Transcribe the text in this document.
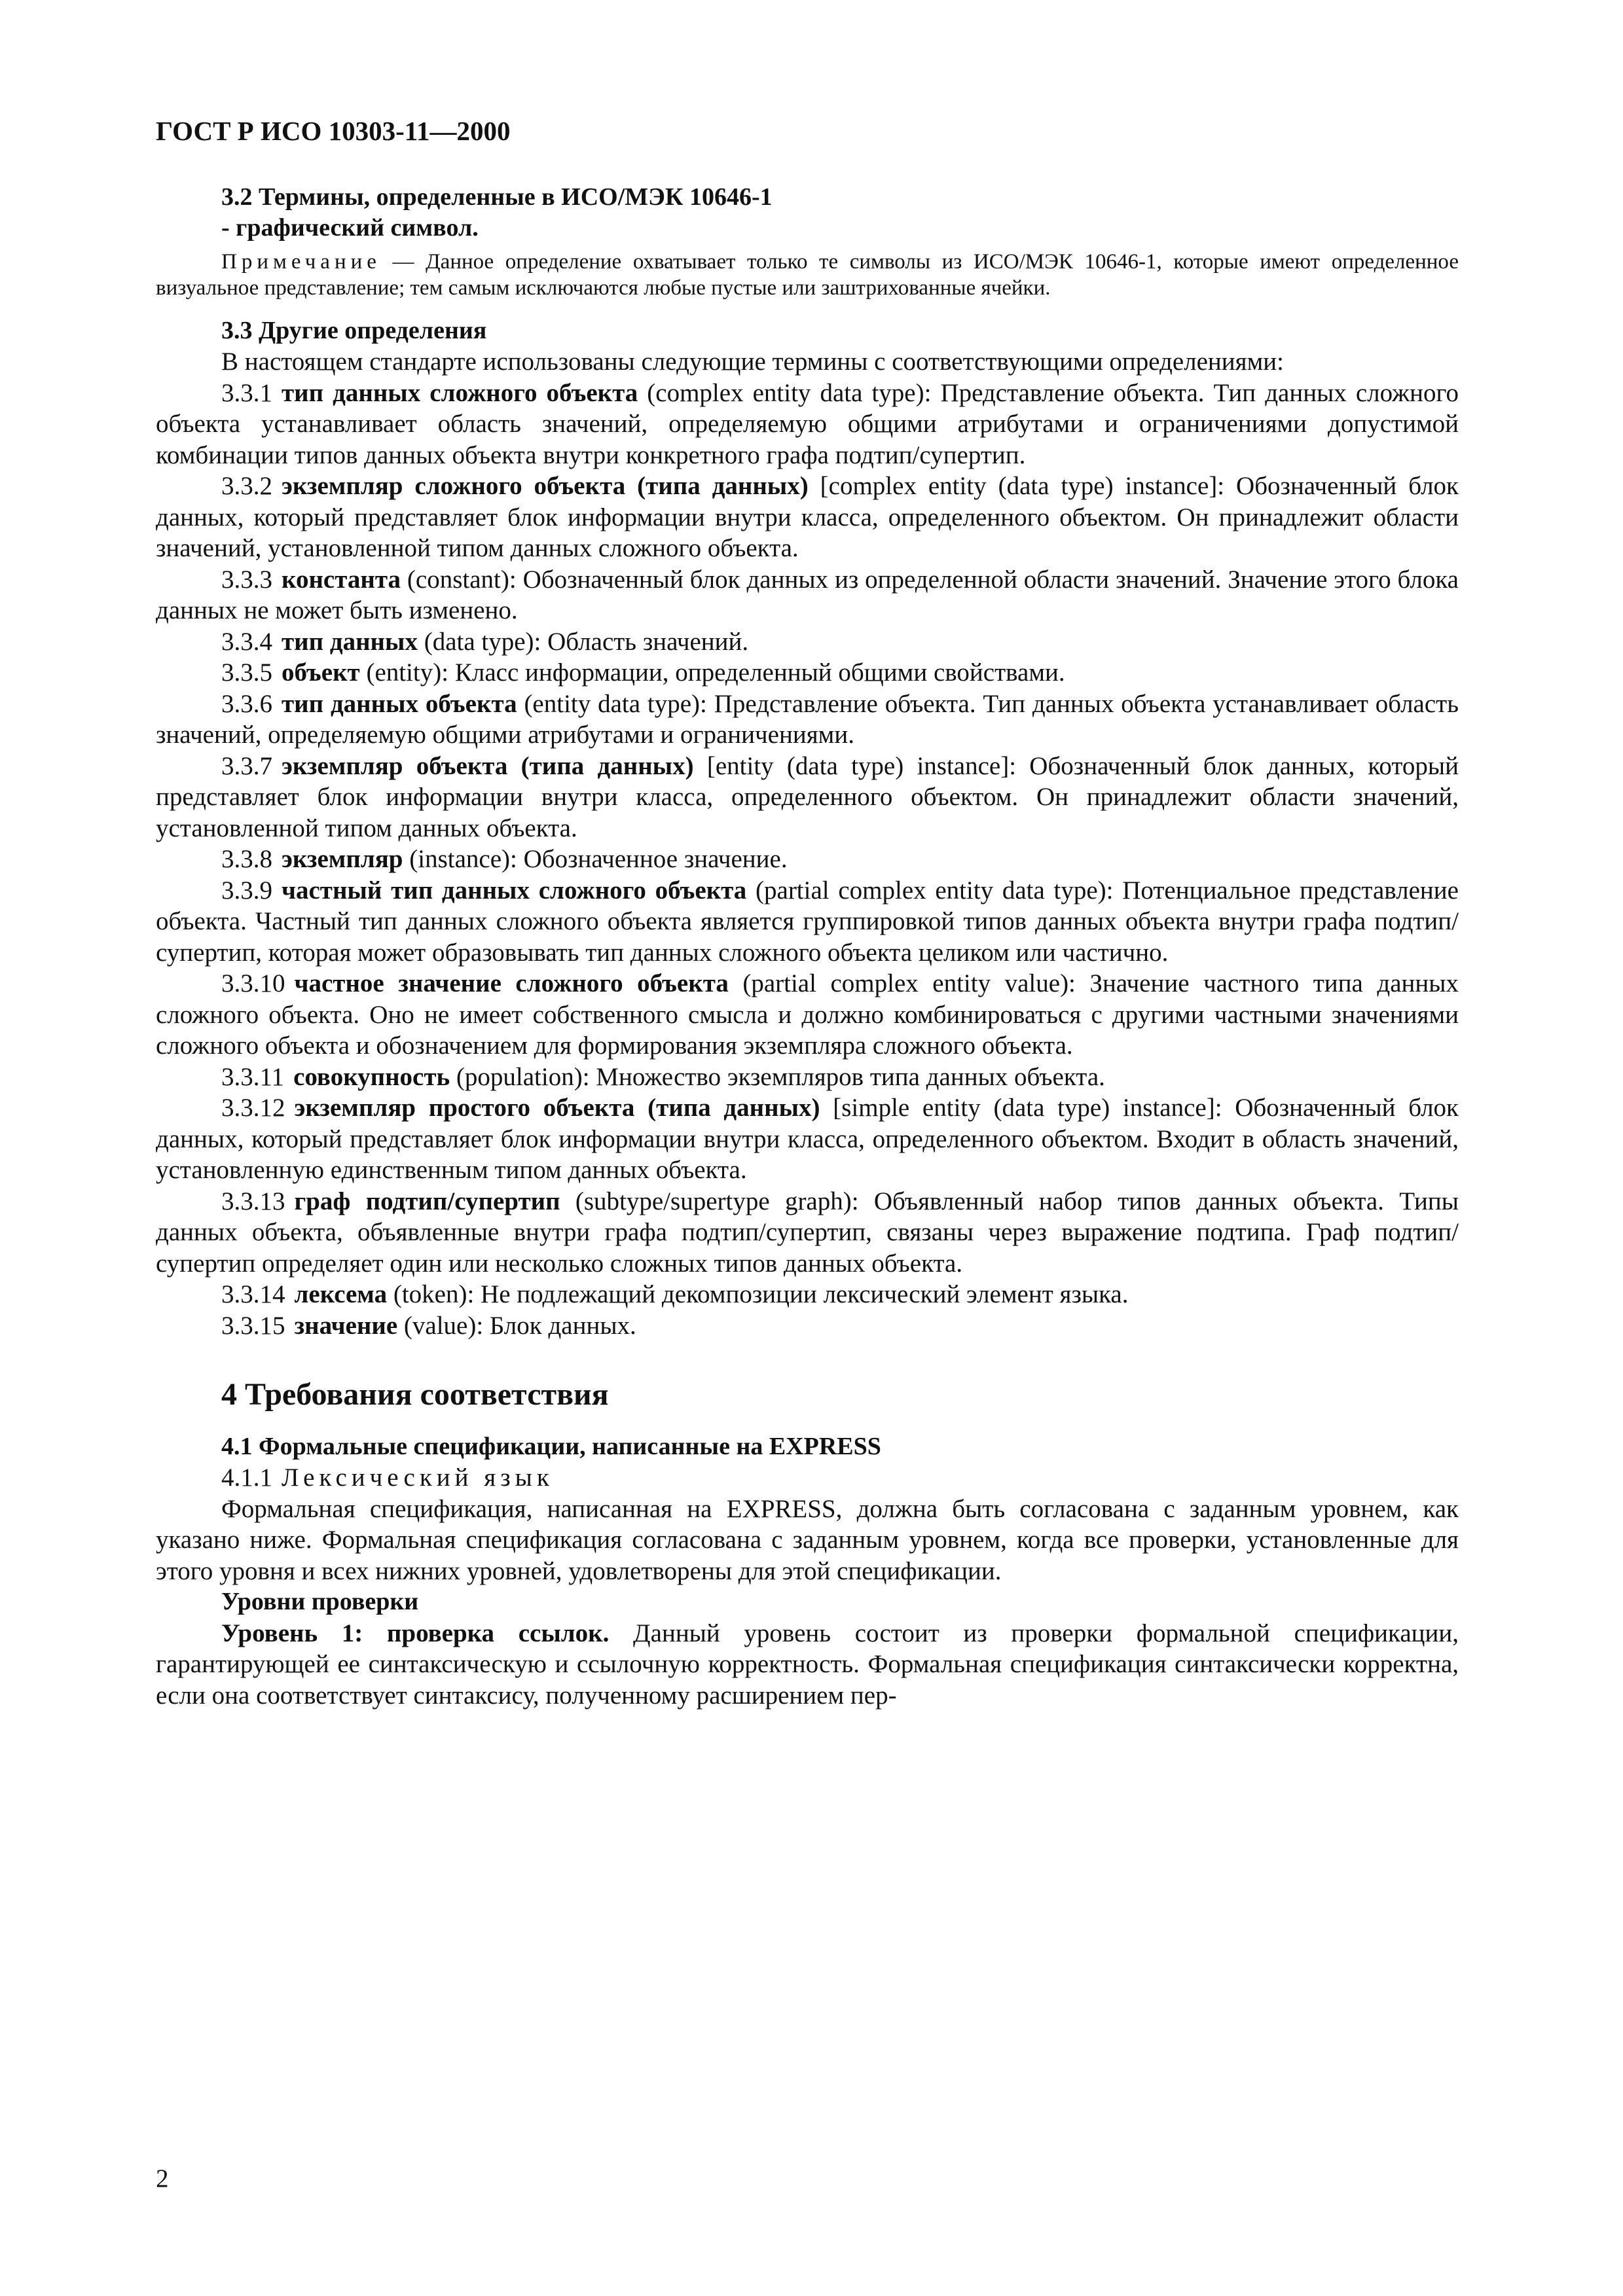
ГОСТ Р ИСО 10303-11—2000
3.2 Термины, определенные в ИСО/МЭК 10646-1
- графический символ.

Примечание — Данное определение охватывает только те символы из ИСО/МЭК 10646-1, которые имеют определенное визуальное представление; тем самым исключаются любые пустые или заштрихованные ячейки.

3.3 Другие определения

В настоящем стандарте использованы следующие термины с соответствующими определениями:

3.3.1 тип данных сложного объекта (complex entity data type): Представление объекта. Тип данных сложного объекта устанавливает область значений, определяемую общими атрибутами и ограничениями допустимой комбинации типов данных объекта внутри конкретного графа подтип/супертип.

3.3.2 экземпляр сложного объекта (типа данных) [complex entity (data type) instance]: Обозначенный блок данных, который представляет блок информации внутри класса, определенного объектом. Он принадлежит области значений, установленной типом данных сложного объекта.

3.3.3 константа (constant): Обозначенный блок данных из определенной области значений. Значение этого блока данных не может быть изменено.

3.3.4 тип данных (data type): Область значений.

3.3.5 объект (entity): Класс информации, определенный общими свойствами.

3.3.6 тип данных объекта (entity data type): Представление объекта. Тип данных объекта устанавливает область значений, определяемую общими атрибутами и ограничениями.

3.3.7 экземпляр объекта (типа данных) [entity (data type) instance]: Обозначенный блок данных, который представляет блок информации внутри класса, определенного объектом. Он принадлежит области значений, установленной типом данных объекта.

3.3.8 экземпляр (instance): Обозначенное значение.

3.3.9 частный тип данных сложного объекта (partial complex entity data type): Потенциальное представление объекта. Частный тип данных сложного объекта является группировкой типов данных объекта внутри графа подтип/супертип, которая может образовывать тип данных сложного объекта целиком или частично.

3.3.10 частное значение сложного объекта (partial complex entity value): Значение частного типа данных сложного объекта. Оно не имеет собственного смысла и должно комбинироваться с другими частными значениями сложного объекта и обозначением для формирования экземпляра сложного объекта.

3.3.11 совокупность (population): Множество экземпляров типа данных объекта.

3.3.12 экземпляр простого объекта (типа данных) [simple entity (data type) instance]: Обозначенный блок данных, который представляет блок информации внутри класса, определенного объектом. Входит в область значений, установленную единственным типом данных объекта.

3.3.13 граф подтип/супертип (subtype/supertype graph): Объявленный набор типов данных объекта. Типы данных объекта, объявленные внутри графа подтип/супертип, связаны через выражение подтипа. Граф подтип/супертип определяет один или несколько сложных типов данных объекта.

3.3.14 лексема (token): Не подлежащий декомпозиции лексический элемент языка.

3.3.15 значение (value): Блок данных.

4 Требования соответствия
4.1 Формальные спецификации, написанные на EXPRESS

4.1.1 Лексический язык

Формальная спецификация, написанная на EXPRESS, должна быть согласована с заданным уровнем, как указано ниже. Формальная спецификация согласована с заданным уровнем, когда все проверки, установленные для этого уровня и всех нижних уровней, удовлетворены для этой спецификации.

Уровни проверки

Уровень 1: проверка ссылок. Данный уровень состоит из проверки формальной спецификации, гарантирующей ее синтаксическую и ссылочную корректность. Формальная спецификация синтаксически корректна, если она соответствует синтаксису, полученному расширением пер-

2
